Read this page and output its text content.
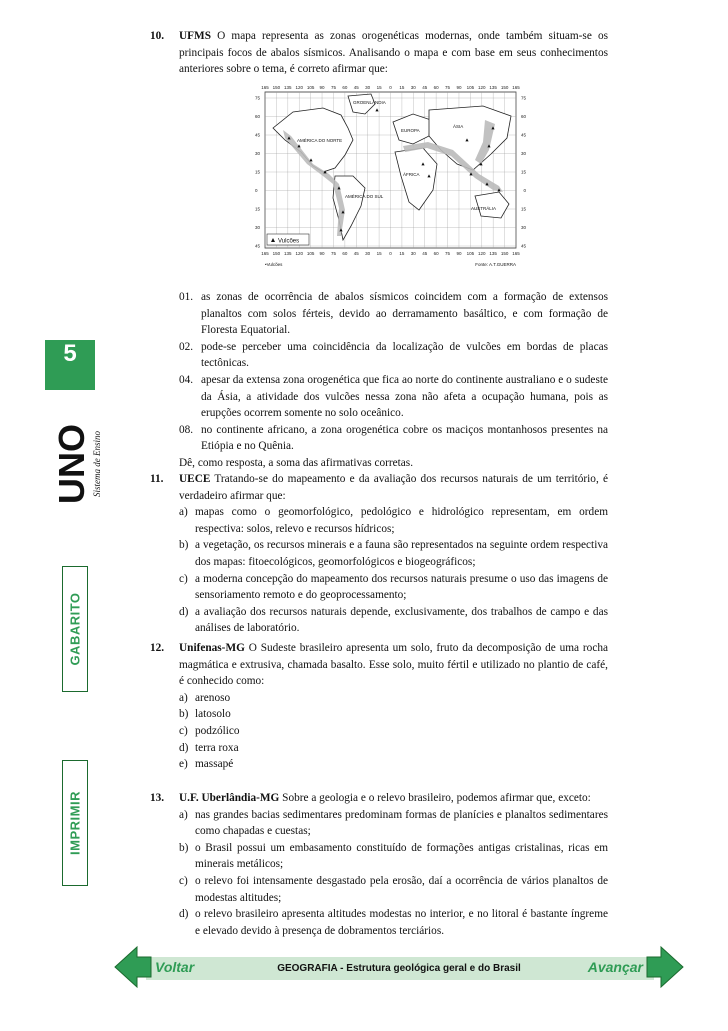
5
UNO Sistema de Ensino
GABARITO
IMPRIMIR
10. UFMS O mapa representa as zonas orogenéticas modernas, onde também situam-se os principais focos de abalos sísmicos. Analisando o mapa e com base em seus conhecimentos anteriores sobre o tema, é correto afirmar que:
165 150 135 120 105 90 75 60 45 30 15 0 15 30 45 60 75 90 105 120 135 150 165
165 150 135 120 105 90 75 60 45 30 15 0 15 30 45 60 75 90 105 120 135 150 165
75
60
45
30
15
0
15
30
45
75
60
45
30
15
0
15
30
45
GROENLÂNDIA
AMÉRICA DO NORTE
EUROPA
ÁSIA
ÁFRICA
AMÉRICA DO SUL
AUSTRÁLIA
Vulcões
•Vulcões	Fonte: A.T.GUERRA
01. as zonas de ocorrência de abalos sísmicos coincidem com a formação de extensos planaltos com solos férteis, devido ao derramamento basáltico, e com formação de Floresta Equatorial.
02. pode-se perceber uma coincidência da localização de vulcões em bordas de placas tectônicas.
04. apesar da extensa zona orogenética que fica ao norte do continente australiano e o sudeste da Ásia, a atividade dos vulcões nessa zona não afeta a ocupação humana, pois as erupções ocorrem somente no solo oceânico.
08. no continente africano, a zona orogenética cobre os maciços montanhosos presentes na Etiópia e no Quênia.
Dê, como resposta, a soma das afirmativas corretas.
11. UECE Tratando-se do mapeamento e da avaliação dos recursos naturais de um território, é verdadeiro afirmar que:
a) mapas como o geomorfológico, pedológico e hidrológico representam, em ordem respectiva: solos, relevo e recursos hídricos;
b) a vegetação, os recursos minerais e a fauna são representados na seguinte ordem respectiva dos mapas: fitoecológicos, geomorfológicos e biogeográficos;
c) a moderna concepção do mapeamento dos recursos naturais presume o uso das imagens de sensoriamento remoto e do geoprocessamento;
d) a avaliação dos recursos naturais depende, exclusivamente, dos trabalhos de campo e das análises de laboratório.
12. Unifenas-MG O Sudeste brasileiro apresenta um solo, fruto da decomposição de uma rocha magmática e extrusiva, chamada basalto. Esse solo, muito fértil e utilizado no plantio de café, é conhecido como:
a) arenoso
b) latosolo
c) podzólico
d) terra roxa
e) massapé
13. U.F. Uberlândia-MG Sobre a geologia e o relevo brasileiro, podemos afirmar que, exceto:
a) nas grandes bacias sedimentares predominam formas de planícies e planaltos sedimentares como chapadas e cuestas;
b) o Brasil possui um embasamento constituído de formações antigas cristalinas, ricas em minerais metálicos;
c) o relevo foi intensamente desgastado pela erosão, daí a ocorrência de vários planaltos de modestas altitudes;
d) o relevo brasileiro apresenta altitudes modestas no interior, e no litoral é bastante íngreme e elevado devido à presença de dobramentos terciários.
Voltar	GEOGRAFIA - Estrutura geológica geral e do Brasil	Avançar
